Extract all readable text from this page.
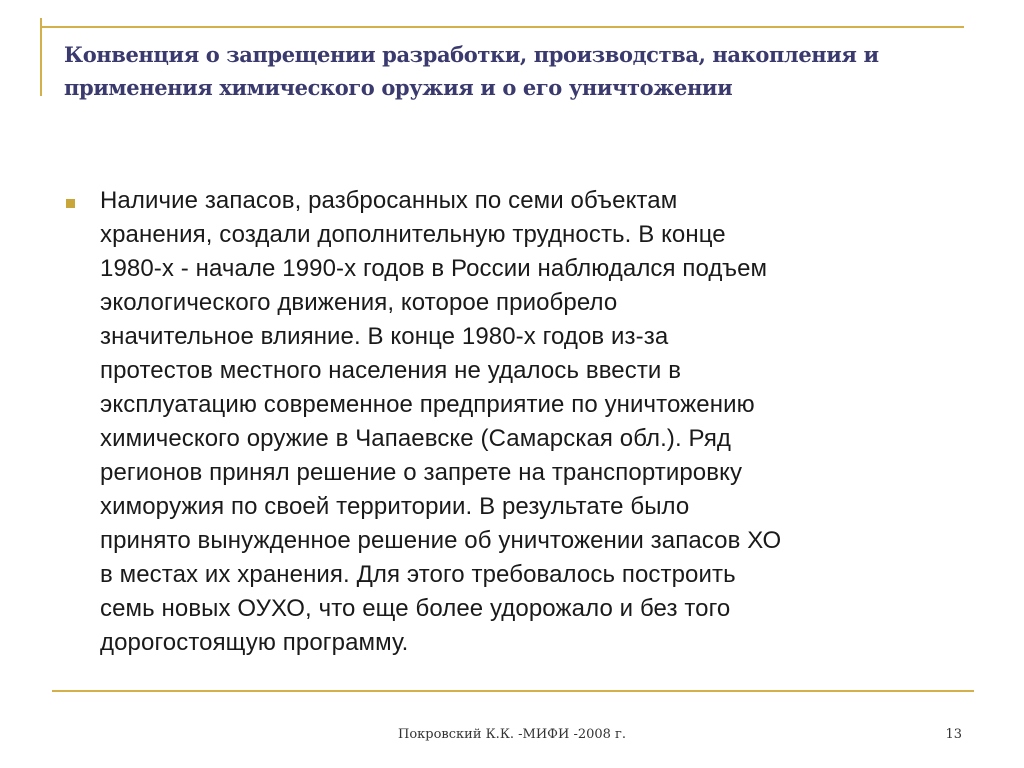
Конвенция о запрещении разработки, производства, накопления и применения химического оружия и о его уничтожении

Наличие запасов, разбросанных по семи объектам
хранения, создали дополнительную трудность. В конце
1980-х - начале 1990-х годов в России наблюдался подъем
экологического движения, которое приобрело
значительное влияние. В конце 1980-х годов из-за
протестов местного населения не удалось ввести в
эксплуатацию современное предприятие по уничтожению
химического оружие в Чапаевске (Самарская обл.). Ряд
регионов принял решение о запрете на транспортировку
химоpужия по своей территории. В результате было
принято вынужденное решение об уничтожении запасов ХО
в местах их хранения. Для этого требовалось построить
семь новых ОУХО, что еще более удорожало и без того
дорогостоящую программу.

Покровский К.К. -МИФИ -2008 г.	13
